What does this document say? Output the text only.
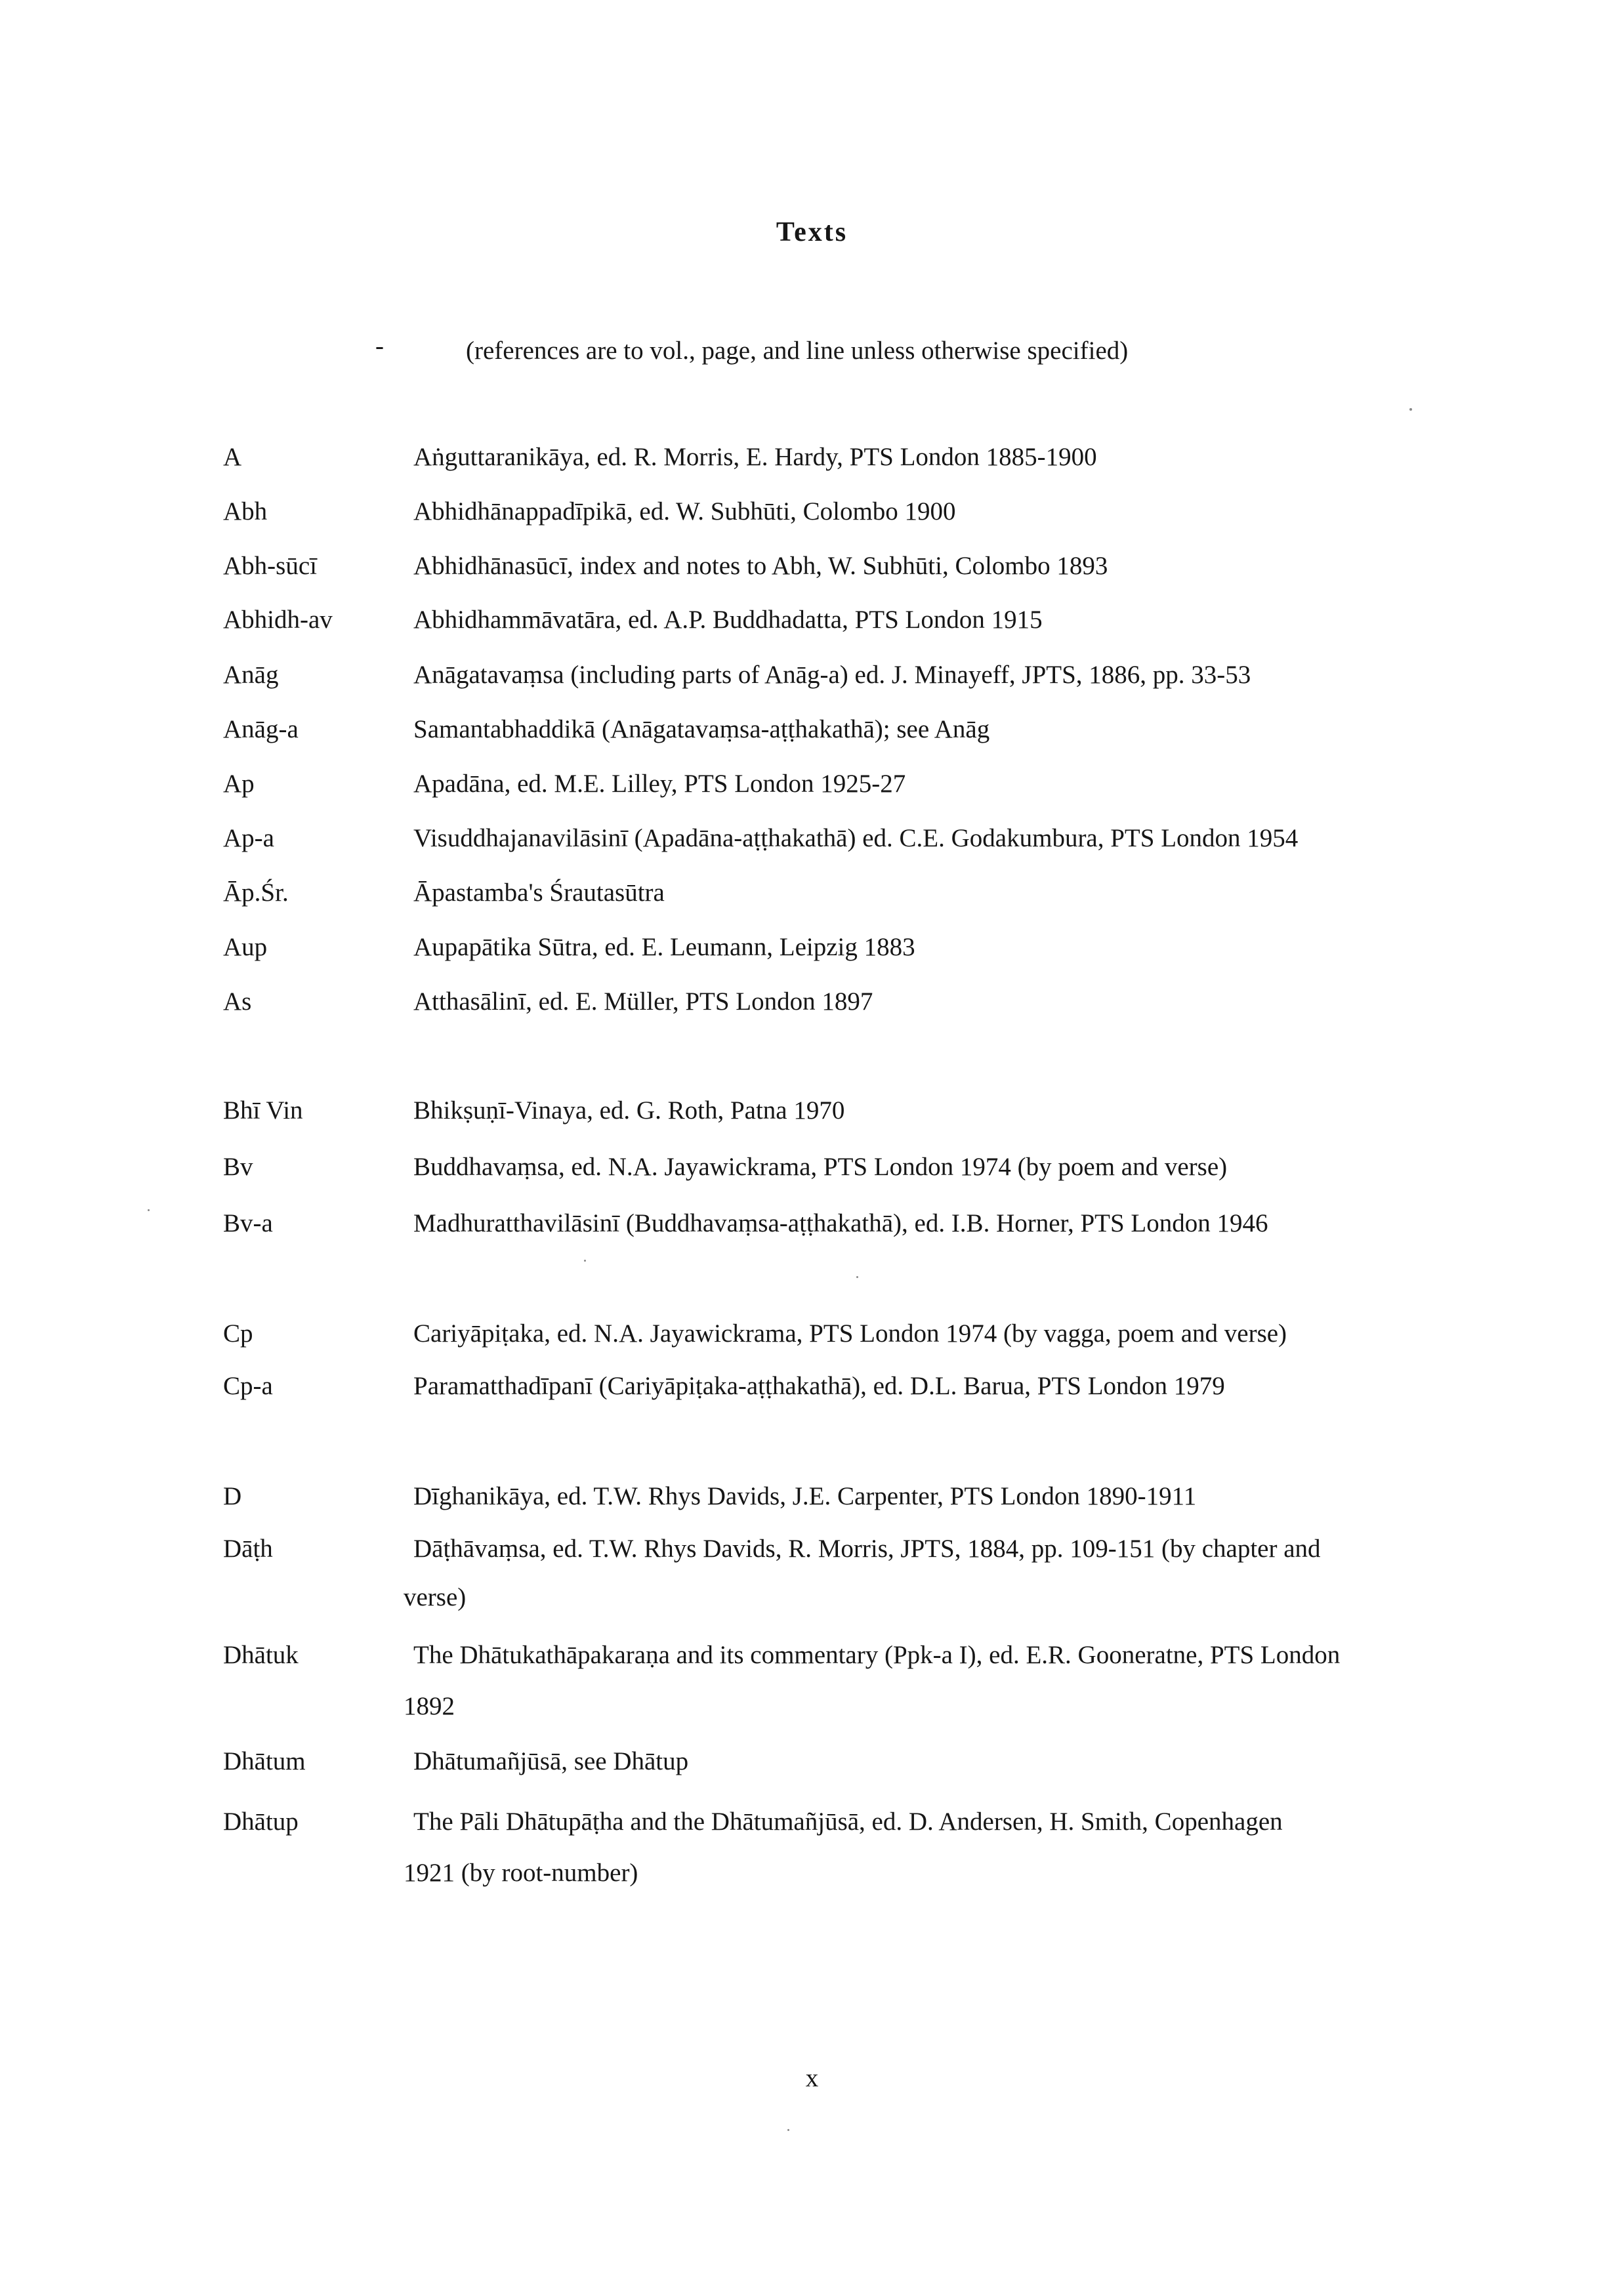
Texts
-	(references are to vol., page, and line unless otherwise specified)
A	Aṅguttaranikāya, ed. R. Morris, E. Hardy, PTS London 1885-1900
Abh	Abhidhānappadīpikā, ed. W. Subhūti, Colombo 1900
Abh-sūcī	Abhidhānasūcī, index and notes to Abh, W. Subhūti, Colombo 1893
Abhidh-av	Abhidhammāvatāra, ed. A.P. Buddhadatta, PTS London 1915
Anāg	Anāgatavaṃsa (including parts of Anāg-a) ed. J. Minayeff, JPTS, 1886, pp. 33-53
Anāg-a	Samantabhaddikā (Anāgatavaṃsa-aṭṭhakathā); see Anāg
Ap	Apadāna, ed. M.E. Lilley, PTS London 1925-27
Ap-a	Visuddhajanavilāsinī (Apadāna-aṭṭhakathā) ed. C.E. Godakumbura, PTS London 1954
Āp.Śr.	Āpastamba's Śrautasūtra
Aup	Aupapātika Sūtra, ed. E. Leumann, Leipzig 1883
As	Atthasālinī, ed. E. Müller, PTS London 1897
Bhī Vin	Bhikṣuṇī-Vinaya, ed. G. Roth, Patna 1970
Bv	Buddhavaṃsa, ed. N.A. Jayawickrama, PTS London 1974 (by poem and verse)
Bv-a	Madhuratthavilāsinī (Buddhavaṃsa-aṭṭhakathā), ed. I.B. Horner, PTS London 1946
Cp	Cariyāpiṭaka, ed. N.A. Jayawickrama, PTS London 1974 (by vagga, poem and verse)
Cp-a	Paramatthadīpanī (Cariyāpiṭaka-aṭṭhakathā), ed. D.L. Barua, PTS London 1979
D	Dīghanikāya, ed. T.W. Rhys Davids, J.E. Carpenter, PTS London 1890-1911
Dāṭh	Dāṭhāvaṃsa, ed. T.W. Rhys Davids, R. Morris, JPTS, 1884, pp. 109-151 (by chapter and
verse)
Dhātuk	The Dhātukathāpakaraṇa and its commentary (Ppk-a I), ed. E.R. Gooneratne, PTS London
1892
Dhātum	Dhātumañjūsā, see Dhātup
Dhātup	The Pāli Dhātupāṭha and the Dhātumañjūsā, ed. D. Andersen, H. Smith, Copenhagen
1921 (by root-number)
x
